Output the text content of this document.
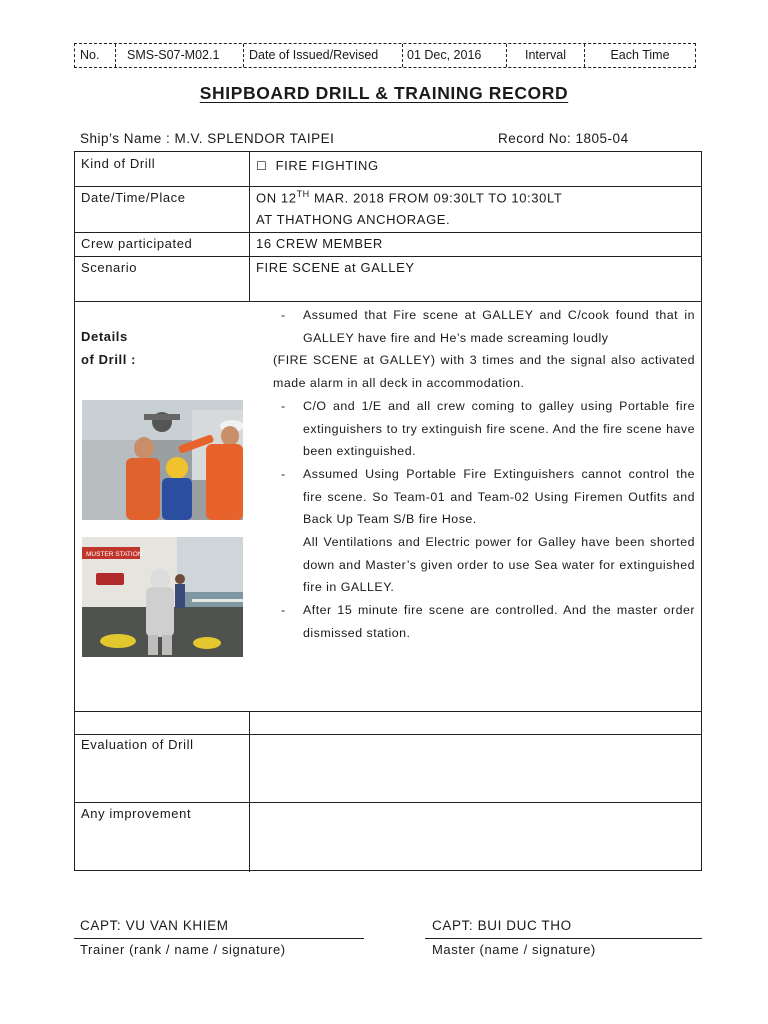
No.	SMS-S07-M02.1	Date of Issued/Revised	01 Dec, 2016	Interval	Each Time
SHIPBOARD DRILL & TRAINING RECORD
Ship’s Name : M.V. SPLENDOR TAIPEI	Record No: 1805-04
Kind of Drill	☐ FIRE FIGHTING
Date/Time/Place	ON 12TH MAR. 2018 FROM 09:30LT TO 10:30LT
AT THATHONG ANCHORAGE.
Crew participated	16 CREW MEMBER
Scenario	FIRE SCENE at GALLEY
Details
of Drill :
MUSTER STATION
- Assumed that Fire scene at GALLEY and C/cook found that in GALLEY have fire and He’s made screaming loudly
(FIRE SCENE at GALLEY) with 3 times and the signal also activated made alarm in all deck in accommodation.
- C/O and 1/E and all crew coming to galley using Portable fire extinguishers to try extinguish fire scene. And the fire scene have been extinguished.
- Assumed Using Portable Fire Extinguishers cannot control the fire scene. So Team-01 and Team-02 Using Firemen Outfits and Back Up Team S/B fire Hose.
All Ventilations and Electric power for Galley have been shorted down and Master’s given order to use Sea water for extinguished fire in GALLEY.
- After 15 minute fire scene are controlled. And the master order dismissed station.
Evaluation of Drill
Any improvement
CAPT: VU VAN KHIEM
Trainer (rank / name / signature)
CAPT: BUI DUC THO
Master (name / signature)
